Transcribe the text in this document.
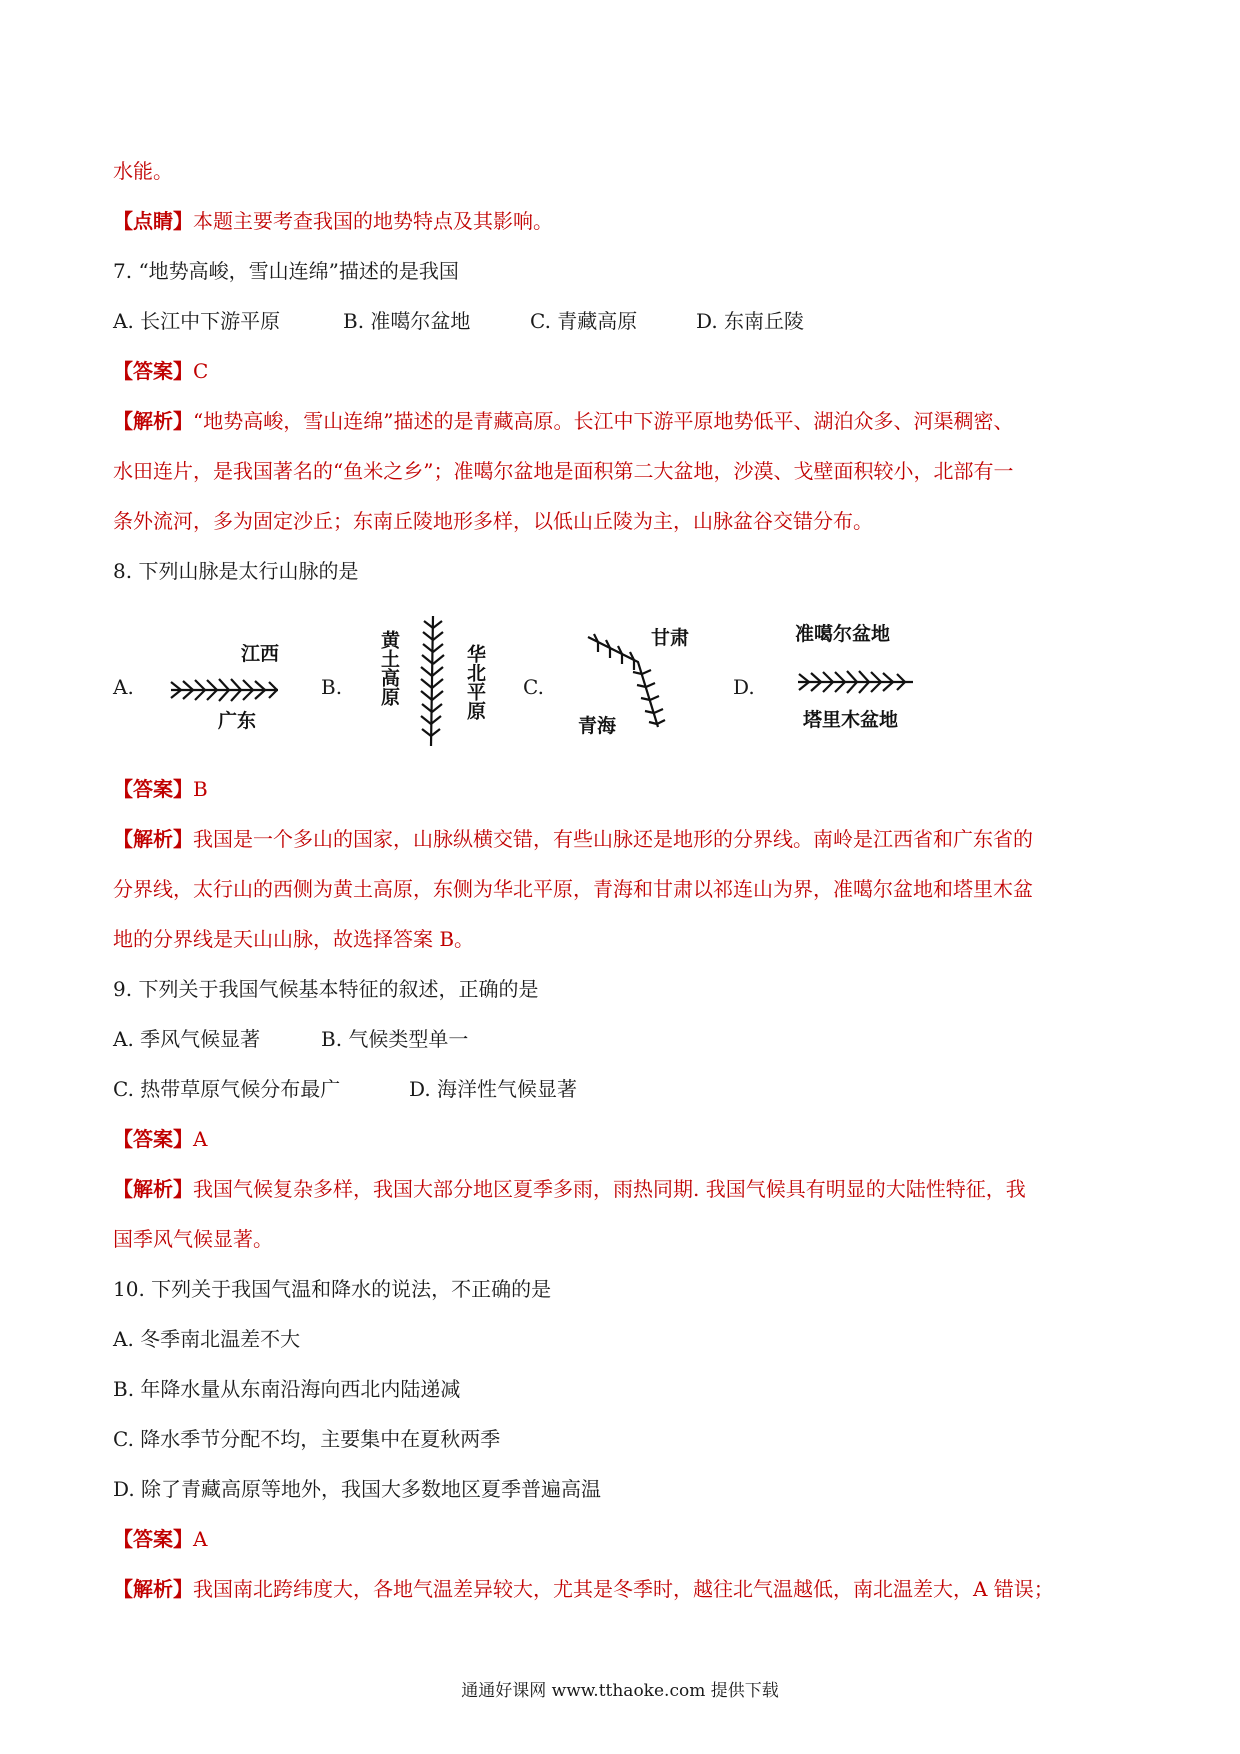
水能。
【点睛】本题主要考查我国的地势特点及其影响。
7. “地势高峻，雪山连绵”描述的是我国
A. 长江中下游平原	B. 准噶尔盆地	C. 青藏高原	D. 东南丘陵
【答案】C
【解析】“地势高峻，雪山连绵”描述的是青藏高原。长江中下游平原地势低平、湖泊众多、河渠稠密、
水田连片，是我国著名的“鱼米之乡”；准噶尔盆地是面积第二大盆地，沙漠、戈壁面积较小，北部有一
条外流河，多为固定沙丘；东南丘陵地形多样，以低山丘陵为主，山脉盆谷交错分布。
8. 下列山脉是太行山脉的是
A.
江西
广东
B. 黄土高原	华北平原 C.
甘肃
青海
D.
准噶尔盆地
塔里木盆地
【答案】B
【解析】我国是一个多山的国家，山脉纵横交错，有些山脉还是地形的分界线。南岭是江西省和广东省的
分界线，太行山的西侧为黄土高原，东侧为华北平原，青海和甘肃以祁连山为界，准噶尔盆地和塔里木盆
地的分界线是天山山脉，故选择答案 B。
9. 下列关于我国气候基本特征的叙述，正确的是
A. 季风气候显著	B. 气候类型单一
C. 热带草原气候分布最广	D. 海洋性气候显著
【答案】A
【解析】我国气候复杂多样，我国大部分地区夏季多雨，雨热同期. 我国气候具有明显的大陆性特征，我
国季风气候显著。
10. 下列关于我国气温和降水的说法，不正确的是
A. 冬季南北温差不大
B. 年降水量从东南沿海向西北内陆递减
C. 降水季节分配不均，主要集中在夏秋两季
D. 除了青藏高原等地外，我国大多数地区夏季普遍高温
【答案】A
【解析】我国南北跨纬度大，各地气温差异较大，尤其是冬季时，越往北气温越低，南北温差大，A 错误；
通通好课网 www.tthaoke.com 提供下载
